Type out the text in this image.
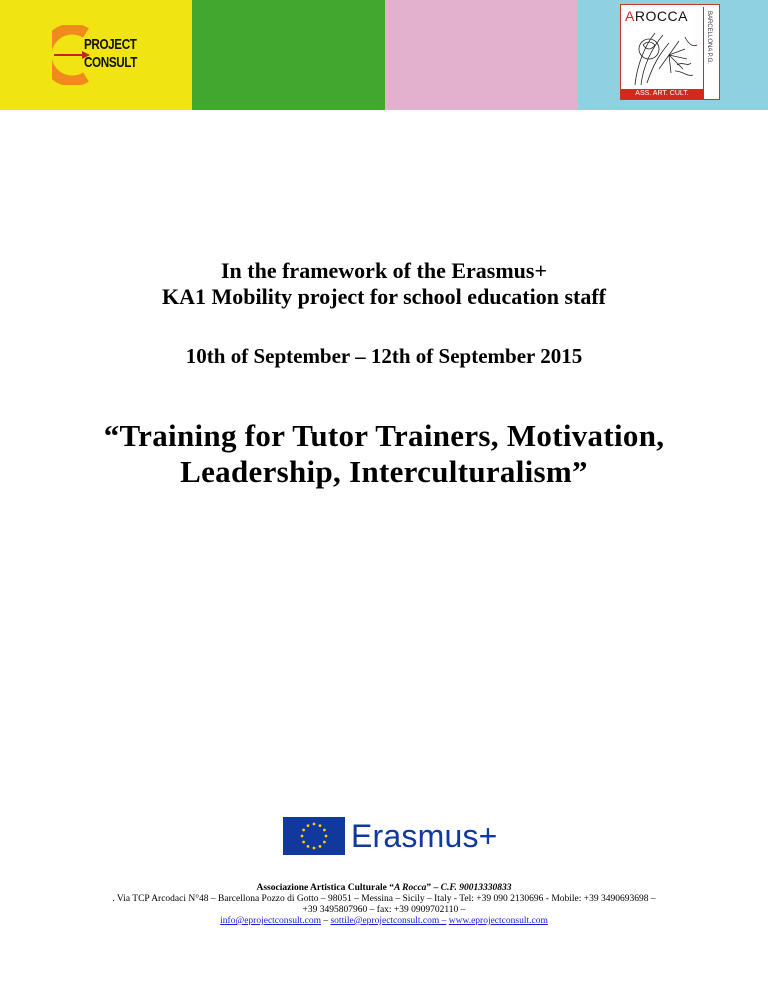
PROJECT
CONSULT
AROCCA
ASS. ART. CULT.
BARCELLONA P.G.
In the framework of the Erasmus+
KA1 Mobility project for school education staff
10th of September – 12th of September 2015
“Training for Tutor Trainers, Motivation,
Leadership, Interculturalism”
Erasmus+
Associazione Artistica Culturale “A Rocca” – C.F. 90013330833
. Via TCP Arcodaci N°48 – Barcellona Pozzo di Gotto – 98051 – Messina – Sicily – Italy - Tel: +39 090 2130696 - Mobile: +39 3490693698 –
+39 3495807960 – fax: +39 0909702110 –
info@eprojectconsult.com – sottile@eprojectconsult.com – www.eprojectconsult.com
